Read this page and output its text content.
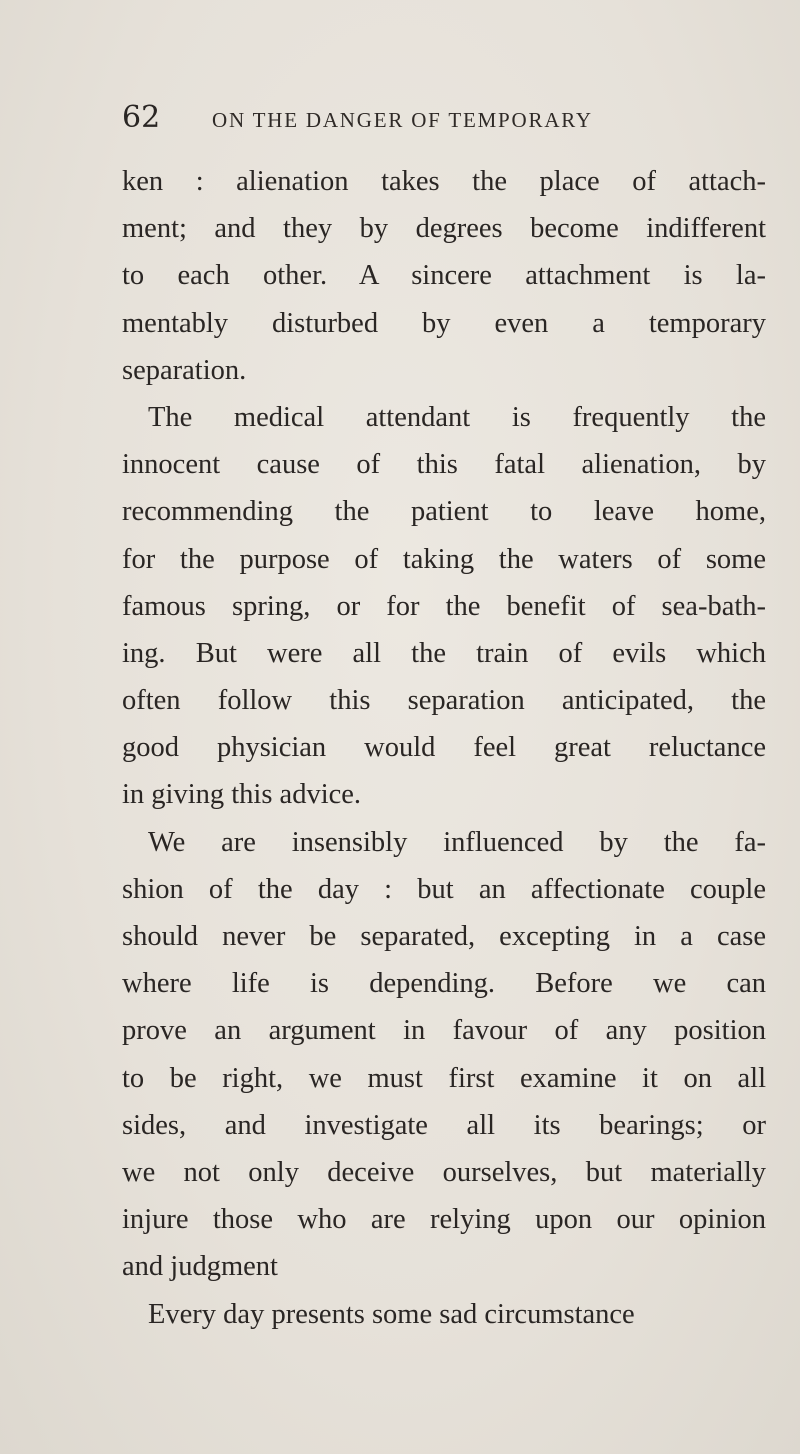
62 ON THE DANGER OF TEMPORARY
ken : alienation takes the place of attach-
ment; and they by degrees become indifferent
to each other. A sincere attachment is la-
mentably disturbed by even a temporary
separation.
The medical attendant is frequently the
innocent cause of this fatal alienation, by
recommending the patient to leave home,
for the purpose of taking the waters of some
famous spring, or for the benefit of sea-bath-
ing. But were all the train of evils which
often follow this separation anticipated, the
good physician would feel great reluctance
in giving this advice.
We are insensibly influenced by the fa-
shion of the day : but an affectionate couple
should never be separated, excepting in a case
where life is depending. Before we can
prove an argument in favour of any position
to be right, we must first examine it on all
sides, and investigate all its bearings; or
we not only deceive ourselves, but materially
injure those who are relying upon our opinion
and judgment
Every day presents some sad circumstance
